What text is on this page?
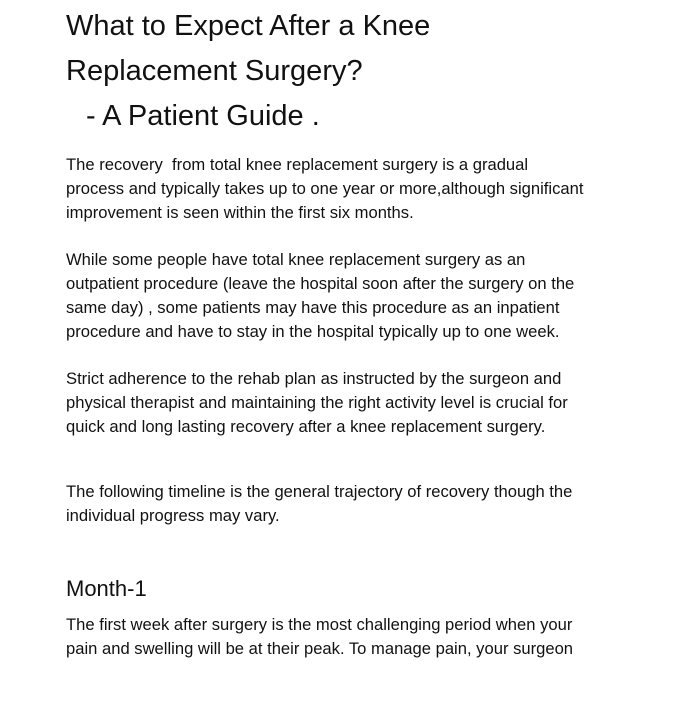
What to Expect After a Knee
Replacement Surgery?
- A Patient Guide .

The recovery  from total knee replacement surgery is a gradual
process and typically takes up to one year or more,although significant
improvement is seen within the first six months.

While some people have total knee replacement surgery as an
outpatient procedure (leave the hospital soon after the surgery on the
same day) , some patients may have this procedure as an inpatient
procedure and have to stay in the hospital typically up to one week.

Strict adherence to the rehab plan as instructed by the surgeon and
physical therapist and maintaining the right activity level is crucial for
quick and long lasting recovery after a knee replacement surgery.

The following timeline is the general trajectory of recovery though the
individual progress may vary.

Month-1

The first week after surgery is the most challenging period when your
pain and swelling will be at their peak. To manage pain, your surgeon
